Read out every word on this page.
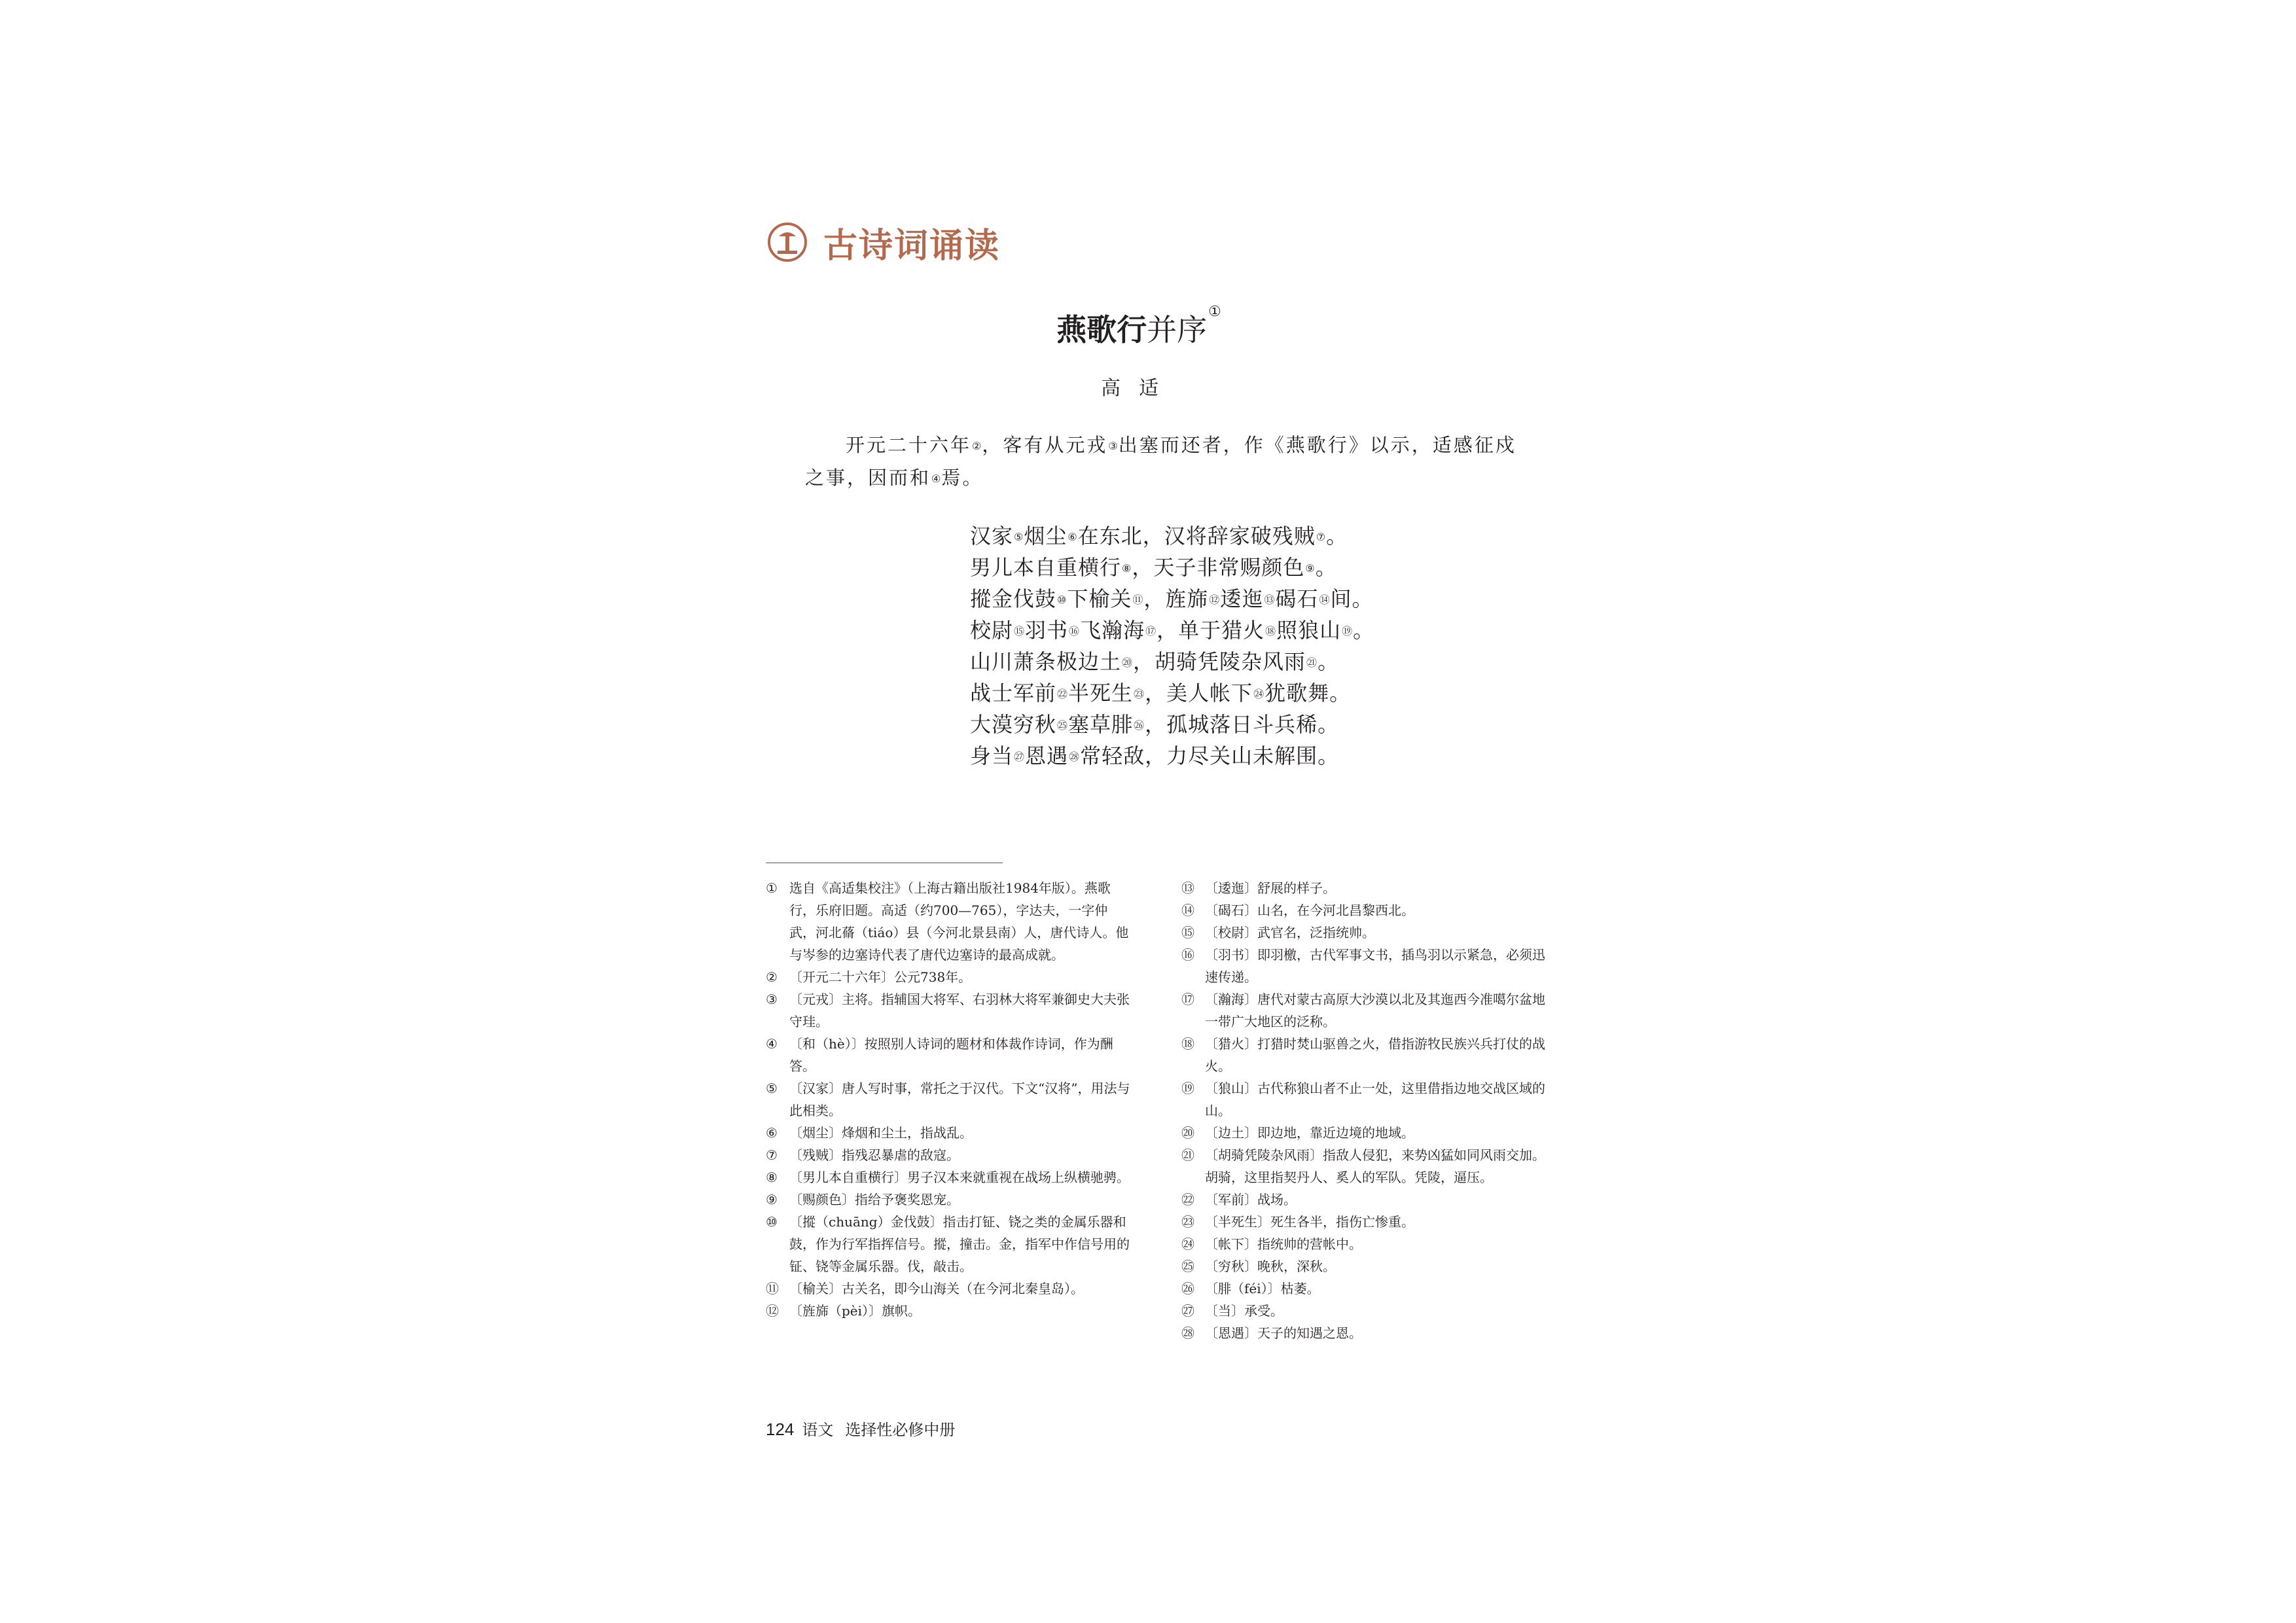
古诗词诵读
燕歌行并序①
高适
开元二十六年②，客有从元戎③出塞而还者，作《燕歌行》以示，适感征戍之事，因而和④焉。
汉家⑤烟尘⑥在东北，汉将辞家破残贼⑦。
男儿本自重横行⑧，天子非常赐颜色⑨。
摐金伐鼓⑩下榆关⑪，旌旆⑫逶迤⑬碣石⑭间。
校尉⑮羽书⑯飞瀚海⑰，单于猎火⑱照狼山⑲。
山川萧条极边土⑳，胡骑凭陵杂风雨$^㉑$。
战士军前$^㉒$半死生$^㉓$，美人帐下$^㉔$犹歌舞。
大漠穷秋$^㉕$塞草腓$^㉖$，孤城落日斗兵稀。
身当$^㉗$恩遇$^㉘$常轻敌，力尽关山未解围。
① 选自《高适集校注》（上海古籍出版社1984年版）。燕歌行，乐府旧题。高适（约700—765），字达夫，一字仲武，河北蓨（tiáo）县（今河北景县南）人，唐代诗人。他与岑参的边塞诗代表了唐代边塞诗的最高成就。
② 〔开元二十六年〕公元738年。
③ 〔元戎〕主将。指辅国大将军、右羽林大将军兼御史大夫张守珪。
④ 〔和（hè）〕按照别人诗词的题材和体裁作诗词，作为酬答。
⑤ 〔汉家〕唐人写时事，常托之于汉代。下文“汉将”，用法与此相类。
⑥ 〔烟尘〕烽烟和尘土，指战乱。
⑦ 〔残贼〕指残忍暴虐的敌寇。
⑧ 〔男儿本自重横行〕男子汉本来就重视在战场上纵横驰骋。
⑨ 〔赐颜色〕指给予褒奖恩宠。
⑩ 〔摐（chuāng）金伐鼓〕指击打钲、铙之类的金属乐器和鼓，作为行军指挥信号。摐，撞击。金，指军中作信号用的钲、铙等金属乐器。伐，敲击。
⑪ 〔榆关〕古关名，即今山海关（在今河北秦皇岛）。
⑫ 〔旌旆（pèi）〕旗帜。
⑬ 〔逶迤〕舒展的样子。
⑭ 〔碣石〕山名，在今河北昌黎西北。
⑮ 〔校尉〕武官名，泛指统帅。
⑯ 〔羽书〕即羽檄，古代军事文书，插鸟羽以示紧急，必须迅速传递。
⑰ 〔瀚海〕唐代对蒙古高原大沙漠以北及其迤西今准噶尔盆地一带广大地区的泛称。
⑱ 〔猎火〕打猎时焚山驱兽之火，借指游牧民族兴兵打仗的战火。
⑲ 〔狼山〕古代称狼山者不止一处，这里借指边地交战区域的山。
⑳ 〔边土〕即边地，靠近边境的地域。
㉑ 〔胡骑凭陵杂风雨〕指敌人侵犯，来势凶猛如同风雨交加。胡骑，这里指契丹人、奚人的军队。凭陵，逼压。
㉒ 〔军前〕战场。
㉓ 〔半死生〕死生各半，指伤亡惨重。
㉔ 〔帐下〕指统帅的营帐中。
㉕ 〔穷秋〕晚秋，深秋。
㉖ 〔腓（féi）〕枯萎。
㉗ 〔当〕承受。
㉘ 〔恩遇〕天子的知遇之恩。
124 语文 选择性必修中册
